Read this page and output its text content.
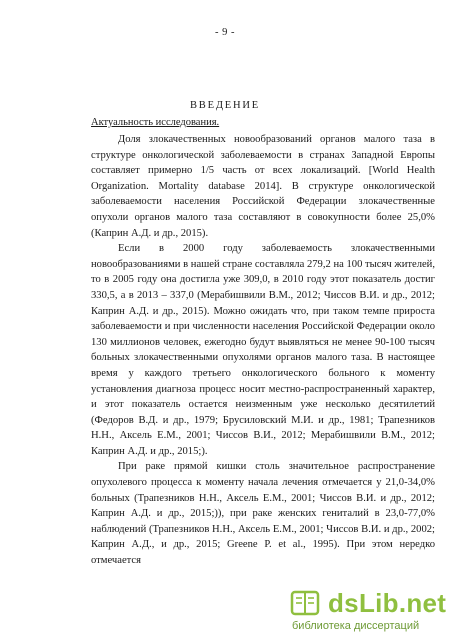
- 9 -
ВВЕДЕНИЕ
Актуальность исследования.

Доля злокачественных новообразований органов малого таза в структуре онкологической заболеваемости в странах Западной Европы составляет примерно 1/5 часть от всех локализаций. [World Health Organization. Mortality database 2014]. В структуре онкологической заболеваемости населения Российской Федерации злокачественные опухоли органов малого таза составляют в совокупности более 25,0% (Каприн А.Д. и др., 2015).

Если в 2000 году заболеваемость злокачественными новообразованиями в нашей стране составляла 279,2 на 100 тысяч жителей, то в 2005 году она достигла уже 309,0, в 2010 году этот показатель достиг 330,5, а в 2013 – 337,0 (Мерабишвили В.М., 2012; Чиссов В.И. и др., 2012; Каприн А.Д. и др., 2015). Можно ожидать что, при таком темпе прироста заболеваемости и при численности населения Российской Федерации около 130 миллионов человек, ежегодно будут выявляться не менее 90-100 тысяч больных злокачественными опухолями органов малого таза. В настоящее время у каждого третьего онкологического больного к моменту установления диагноза процесс носит местно-распространенный характер, и этот показатель остается неизменным уже несколько десятилетий (Федоров В.Д. и др., 1979; Брусиловский М.И. и др., 1981; Трапезников Н.Н., Аксель Е.М., 2001; Чиссов В.И., 2012; Мерабишвили В.М., 2012; Каприн А.Д. и др., 2015;).

При раке прямой кишки столь значительное распространение опухолевого процесса к моменту начала лечения отмечается у 21,0-34,0% больных (Трапезников Н.Н., Аксель Е.М., 2001; Чиссов В.И. и др., 2012; Каприн А.Д. и др., 2015;)), при раке женских гениталий в 23,0-77,0% наблюдений (Трапезников Н.Н., Аксель Е.М., 2001; Чиссов В.И. и др., 2002; Каприн А.Д., и др., 2015; Greene P. et al., 1995). При этом нередко отмечается

dsLib.net
библиотека диссертаций
